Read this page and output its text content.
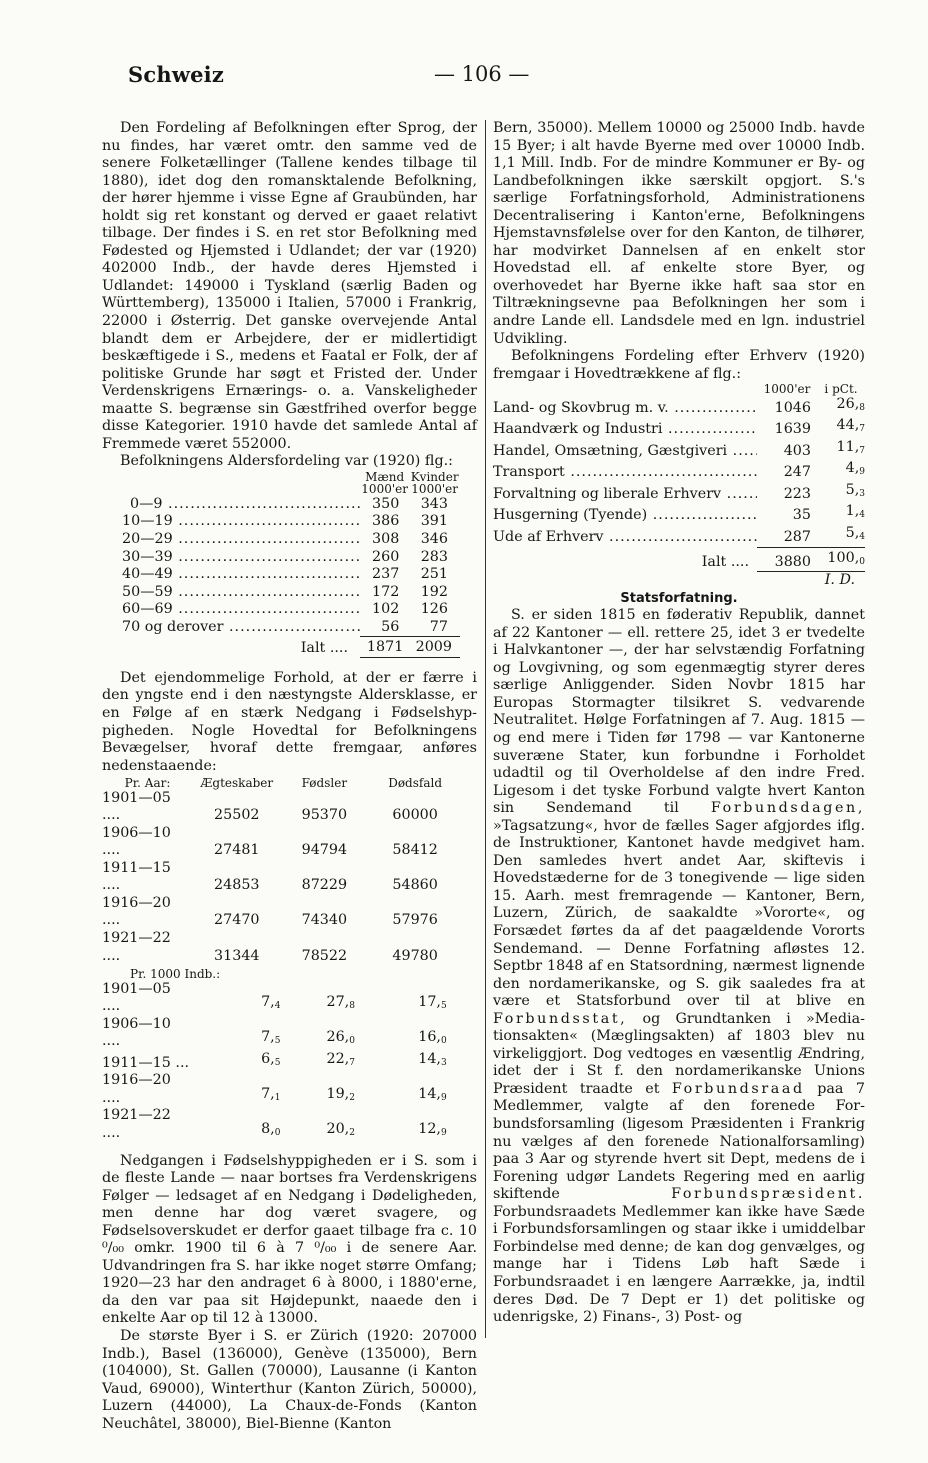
Schweiz	— 106 —

Den Fordeling af Befolkningen efter Sprog, der nu findes, har været omtr. den samme ved de senere Folketællinger (Tallene kendes tilbage til 1880), idet dog den romansktalende Befolkning, der hører hjemme i visse Egne af Graubünden, har holdt sig ret konstant og derved er gaaet relativt tilbage. Der findes i S. en ret stor Befolkning med Fødested og Hjemsted i Udlandet; der var (1920) 402000 Indb., der havde deres Hjemsted i Udlandet: 149000 i Tyskland (særlig Baden og Württemberg), 135000 i Italien, 57000 i Frankrig, 22000 i Østerrig. Det ganske overvejende Antal blandt dem er Arbejdere, der er midlertidigt beskæftigede i S., medens et Faatal er Folk, der af politiske Grunde har søgt et Fristed der. Under Verdenskrigens Ernærings- o. a. Vanskeligheder maatte S. begrænse sin Gæstfrihed overfor begge disse Kategorier. 1910 havde det samlede Antal af Fremmede været 552000.

Befolkningens Aldersfordeling var (1920) flg.:

	Mænd
1000'er	Kvinder
1000'er
0—9 .....	350	343
10—19 .....	386	391
20—29 .....	308	346
30—39 .....	260	283
40—49 .....	237	251
50—59 .....	172	192
60—69 .....	102	126
70 og derover .....	56	77
Ialt ....	1871	2009

Det ejendommelige Forhold, at der er færre i den yngste end i den næstyngste Aldersklasse, er en Følge af en stærk Nedgang i Fødselshyppigheden. Nogle Hovedtal for Befolkningens Bevægelser, hvoraf dette fremgaar, anføres nedenstaaende:

Pr. Aar:	Ægteskaber	Fødsler	Dødsfald
1901—05 ....	25502	95370	60000
1906—10 ....	27481	94794	58412
1911—15 ....	24853	87229	54860
1916—20 ....	27470	74340	57976
1921—22 ....	31344	78522	49780
Pr. 1000 Indb.:			
1901—05 ....	$7,_4$	$27,_8$	$17,_5$
1906—10 ....	$7,_5$	$26,_0$	$16,_0$
1911—15 ...	$6,_5$	$22,_7$	$14,_3$
1916—20 ....	$7,_1$	$19,_2$	$14,_9$
1921—22 ....	$8,_0$	$20,_2$	$12,_9$

Nedgangen i Fødselshyppigheden er i S. som i de fleste Lande — naar bortses fra Verdenskrigens Følger — ledsaget af en Nedgang i Dødeligheden, men denne har dog været svagere, og Fødselsoverskudet er derfor gaaet tilbage fra c. 10 ⁰/₀₀ omkr. 1900 til 6 à 7 ⁰/₀₀ i de senere Aar. Udvandringen fra S. har ikke noget større Omfang; 1920—23 har den andraget 6 à 8000, i 1880'erne, da den var paa sit Højdepunkt, naaede den i enkelte Aar op til 12 à 13000.

De største Byer i S. er Zürich (1920: 207000 Indb.), Basel (136000), Genève (135000), Bern (104000), St. Gallen (70000), Lausanne (i Kanton Vaud, 69000), Winterthur (Kanton Zürich, 50000), Luzern (44000), La Chaux-de-Fonds (Kanton Neuchâtel, 38000), Biel-Bienne (Kanton

Bern, 35000). Mellem 10000 og 25000 Indb. havde 15 Byer; i alt havde Byerne med over 10000 Indb. 1,1 Mill. Indb. For de mindre Kommuner er By- og Landbefolkningen ikke særskilt opgjort. S.'s særlige Forfatningsforhold, Administrationens Decentralisering i Kanton'erne, Befolkningens Hjemstavnsfølelse over for den Kanton, de tilhører, har modvirket Dannelsen af en enkelt stor Hovedstad ell. af enkelte store Byer, og overhovedet har Byerne ikke haft saa stor en Tiltrækningsevne paa Befolkningen her som i andre Lande ell. Landsdele med en lgn. industriel Udvikling.

Befolkningens Fordeling efter Erhverv (1920) fremgaar i Hovedtrækkene af flg.:

	1000'er	i pCt.
Land- og Skovbrug m. v. .....	1046	$26,_8$
Haandværk og Industri .....	1639	$44,_7$
Handel, Omsætning, Gæstgiveri .....	403	$11,_7$
Transport .....	247	$4,_9$
Forvaltning og liberale Erhverv .....	223	$5,_3$
Husgerning (Tyende) .....	35	$1,_4$
Ude af Erhverv .....	287	$5,_4$
Ialt ....	3880	$100,_0$

I. D.

Statsforfatning.

S. er siden 1815 en føderativ Republik, dannet af 22 Kantoner — ell. rettere 25, idet 3 er tvedelte i Halvkantoner —, der har selvstændig Forfatning og Lovgivning, og som egenmægtig styrer deres særlige Anliggender. Siden Novbr 1815 har Europas Stormagter tilsikret S. vedvarende Neutralitet. Hølge Forfatningen af 7. Aug. 1815 — og end mere i Tiden før 1798 — var Kantonerne suveræne Stater, kun forbundne i Forholdet udadtil og til Overholdelse af den indre Fred. Ligesom i det tyske Forbund valgte hvert Kanton sin Sendemand til Forbundsdagen, »Tagsatzung«, hvor de fælles Sager afgjordes iflg. de Instruktioner, Kantonet havde medgivet ham. Den samledes hvert andet Aar, skiftevis i Hovedstæderne for de 3 tonegivende — lige siden 15. Aarh. mest fremragende — Kantoner, Bern, Luzern, Zürich, de saakaldte »Vororte«, og Forsædet førtes da af det paagældende Vororts Sendemand. — Denne Forfatning afløstes 12. Septbr 1848 af en Statsordning, nærmest lignende den nordamerikanske, og S. gik saaledes fra at være et Statsforbund over til at blive en Forbundsstat, og Grundtanken i »Mediationsakten« (Mæglingsakten) af 1803 blev nu virkeliggjort. Dog vedtoges en væsentlig Ændring, idet der i St f. den nordamerikanske Unions Præsident traadte et Forbundsraad paa 7 Medlemmer, valgte af den forenede Forbundsforsamling (ligesom Præsidenten i Frankrig nu vælges af den forenede Nationalforsamling) paa 3 Aar og styrende hvert sit Dept, medens de i Forening udgør Landets Regering med en aarlig skiftende	Forbundspræsident. Forbundsraadets Medlemmer kan ikke have Sæde i Forbundsforsamlingen og staar ikke i umiddelbar Forbindelse med denne; de kan dog genvælges, og mange har i Tidens Løb haft Sæde i Forbundsraadet i en længere Aarrække, ja, indtil deres Død. De 7 Dept er 1) det politiske og udenrigske, 2) Finans-, 3) Post- og
